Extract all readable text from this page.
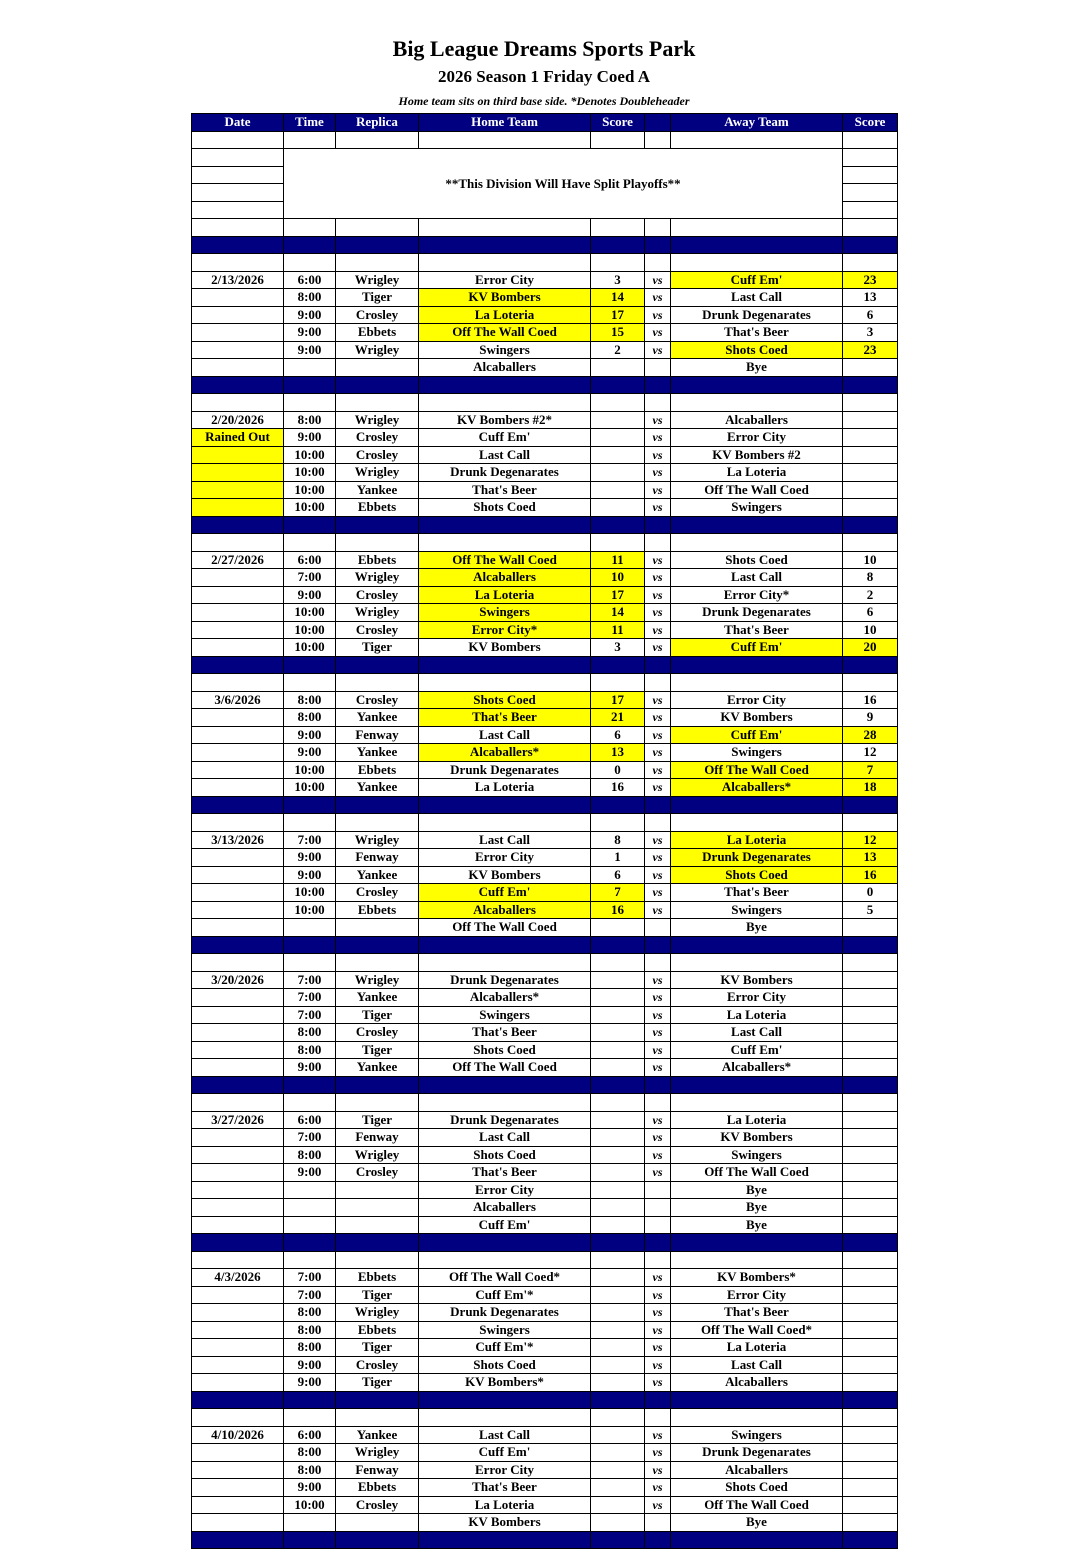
Big League Dreams Sports Park
2026 Season 1 Friday Coed A
Home team sits on third base side. *Denotes Doubleheader
Date	Time	Replica	Home Team	Score		Away Team	Score

	**This Division Will Have Split Playoffs**						

2/13/2026	6:00	Wrigley	Error City	3	vs	Cuff Em'	23
	8:00	Tiger	KV Bombers	14	vs	Last Call	13
	9:00	Crosley	La Loteria	17	vs	Drunk Degenarates	6
	9:00	Ebbets	Off The Wall Coed	15	vs	That's Beer	3
	9:00	Wrigley	Swingers	2	vs	Shots Coed	23
			Alcaballers			Bye	

2/20/2026	8:00	Wrigley	KV Bombers #2*		vs	Alcaballers	
Rained Out	9:00	Crosley	Cuff Em'		vs	Error City	
	10:00	Crosley	Last Call		vs	KV Bombers #2	
	10:00	Wrigley	Drunk Degenarates		vs	La Loteria	
	10:00	Yankee	That's Beer		vs	Off The Wall Coed	
	10:00	Ebbets	Shots Coed		vs	Swingers	

2/27/2026	6:00	Ebbets	Off The Wall Coed	11	vs	Shots Coed	10
	7:00	Wrigley	Alcaballers	10	vs	Last Call	8
	9:00	Crosley	La Loteria	17	vs	Error City*	2
	10:00	Wrigley	Swingers	14	vs	Drunk Degenarates	6
	10:00	Crosley	Error City*	11	vs	That's Beer	10
	10:00	Tiger	KV Bombers	3	vs	Cuff Em'	20

3/6/2026	8:00	Crosley	Shots Coed	17	vs	Error City	16
	8:00	Yankee	That's Beer	21	vs	KV Bombers	9
	9:00	Fenway	Last Call	6	vs	Cuff Em'	28
	9:00	Yankee	Alcaballers*	13	vs	Swingers	12
	10:00	Ebbets	Drunk Degenarates	0	vs	Off The Wall Coed	7
	10:00	Yankee	La Loteria	16	vs	Alcaballers*	18

3/13/2026	7:00	Wrigley	Last Call	8	vs	La Loteria	12
	9:00	Fenway	Error City	1	vs	Drunk Degenarates	13
	9:00	Yankee	KV Bombers	6	vs	Shots Coed	16
	10:00	Crosley	Cuff Em'	7	vs	That's Beer	0
	10:00	Ebbets	Alcaballers	16	vs	Swingers	5
			Off The Wall Coed			Bye	

3/20/2026	7:00	Wrigley	Drunk Degenarates		vs	KV Bombers	
	7:00	Yankee	Alcaballers*		vs	Error City	
	7:00	Tiger	Swingers		vs	La Loteria	
	8:00	Crosley	That's Beer		vs	Last Call	
	8:00	Tiger	Shots Coed		vs	Cuff Em'	
	9:00	Yankee	Off The Wall Coed		vs	Alcaballers*	

3/27/2026	6:00	Tiger	Drunk Degenarates		vs	La Loteria	
	7:00	Fenway	Last Call		vs	KV Bombers	
	8:00	Wrigley	Shots Coed		vs	Swingers	
	9:00	Crosley	That's Beer		vs	Off The Wall Coed	
			Error City			Bye	
			Alcaballers			Bye	
			Cuff Em'			Bye	

4/3/2026	7:00	Ebbets	Off The Wall Coed*		vs	KV Bombers*	
	7:00	Tiger	Cuff Em'*		vs	Error City	
	8:00	Wrigley	Drunk Degenarates		vs	That's Beer	
	8:00	Ebbets	Swingers		vs	Off The Wall Coed*	
	8:00	Tiger	Cuff Em'*		vs	La Loteria	
	9:00	Crosley	Shots Coed		vs	Last Call	
	9:00	Tiger	KV Bombers*		vs	Alcaballers	

4/10/2026	6:00	Yankee	Last Call		vs	Swingers	
	8:00	Wrigley	Cuff Em'		vs	Drunk Degenarates	
	8:00	Fenway	Error City		vs	Alcaballers	
	9:00	Ebbets	That's Beer		vs	Shots Coed	
	10:00	Crosley	La Loteria		vs	Off The Wall Coed	
			KV Bombers			Bye	
